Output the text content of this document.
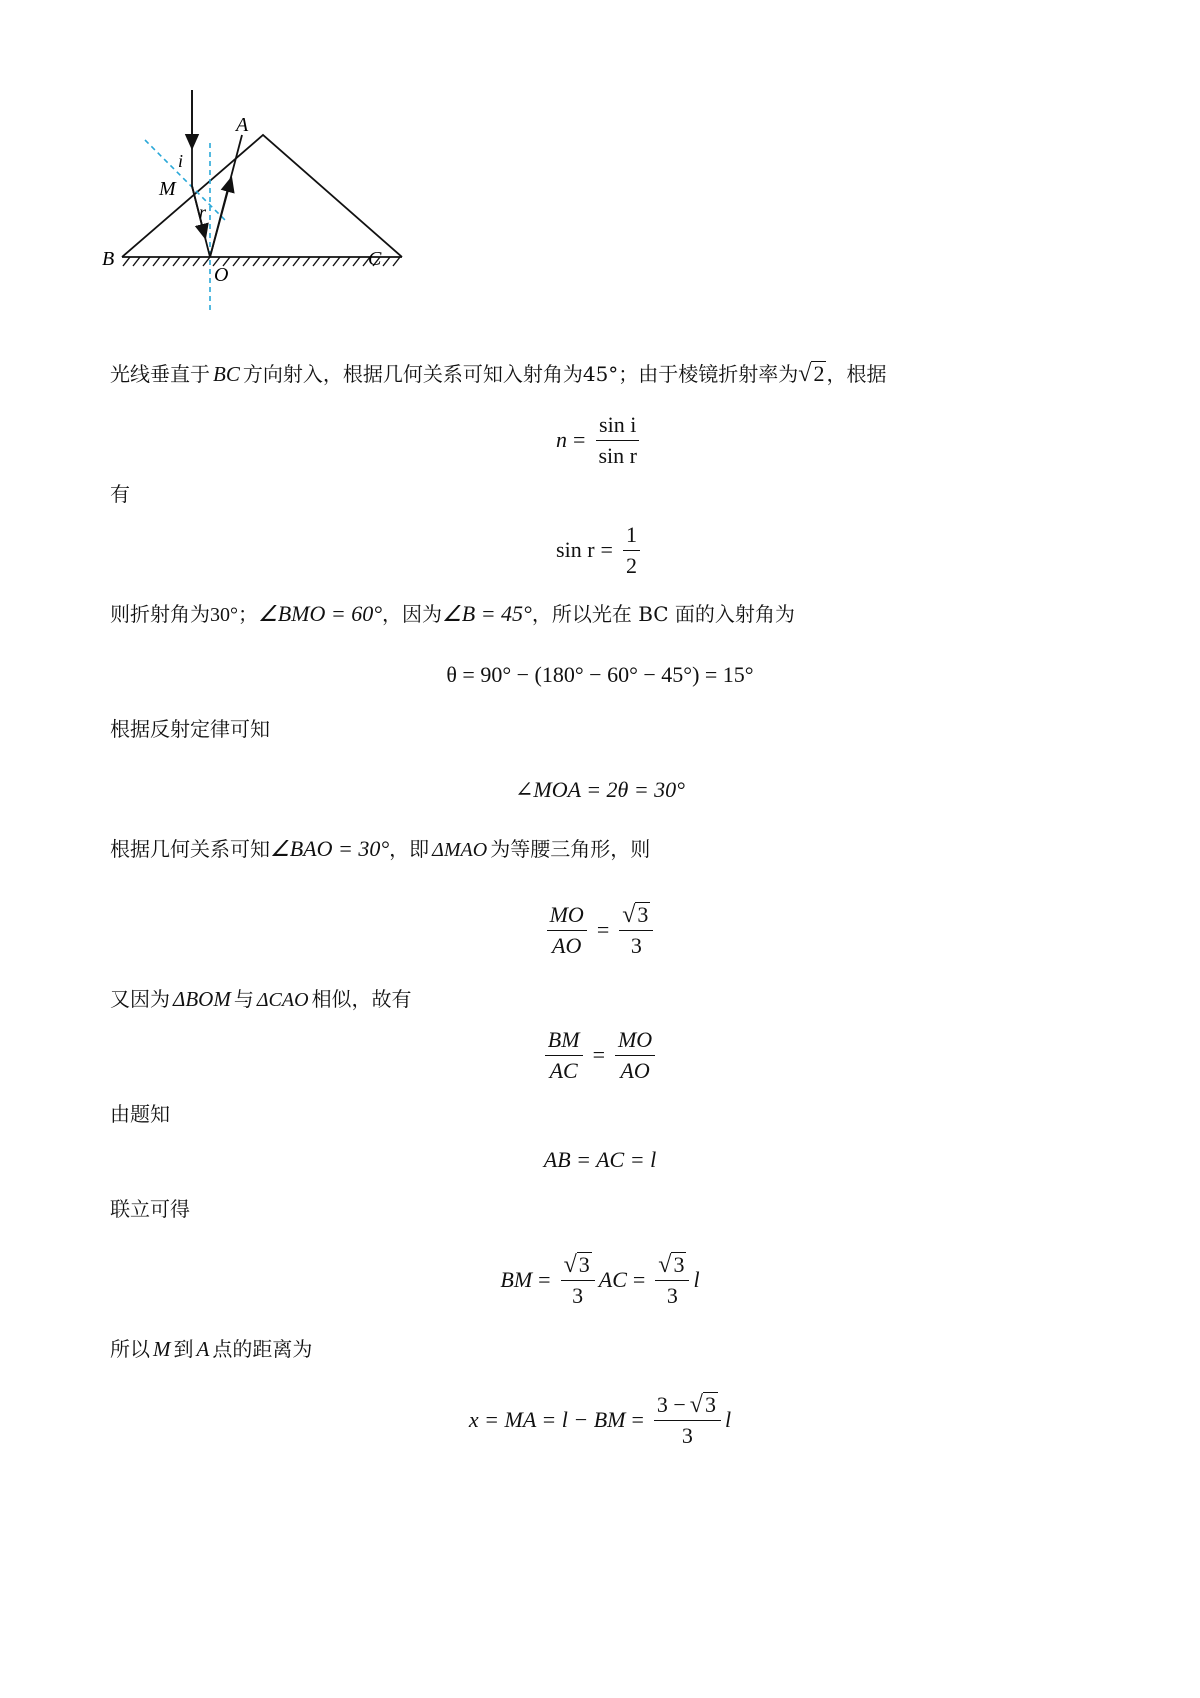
A
B	C
O
M
i
r
光线垂直于 BC 方向射入，根据几何关系可知入射角为45°；由于棱镜折射率为 √ 2 ，根据
$n = \frac{\text{sin i}}{\text{sin r}}$
有
$\sin r = \frac{1}{2}$
则折射角为30°；∠BMO = 60°，因为∠B = 45°，所以光在 BC 面的入射角为
θ = 90° − (180° − 60° − 45°) = 15°
根据反射定律可知
∠MOA = 2θ = 30°
根据几何关系可知∠BAO = 30°，即 ΔMAO 为等腰三角形，则
$\frac{MO}{AO} = \frac{√ 3}{3}$
又因为 ΔBOM 与 ΔCAO 相似，故有
$\frac{BM}{AC} = \frac{MO}{AO}$
由题知
AB = AC = l
联立可得
BM = $\frac{√ 3}{3}$ AC = $\frac{√ 3}{3}$ l
所以 M 到 A 点的距离为
x = MA = l − BM = $\frac{3 - √ 3}{3}$ l
